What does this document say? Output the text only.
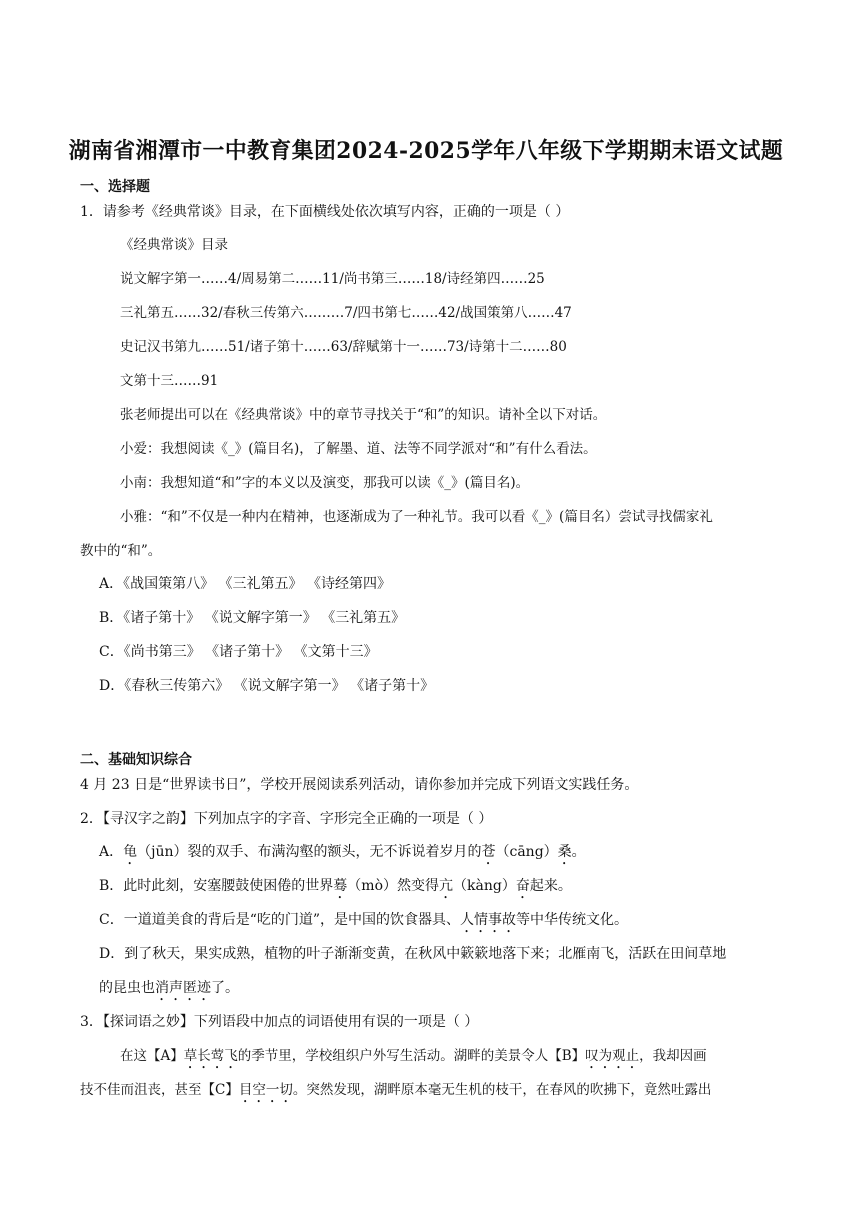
湖南省湘潭市一中教育集团2024-2025学年八年级下学期期末语文试题
一、选择题
1．请参考《经典常谈》目录，在下面横线处依次填写内容，正确的一项是（ ）
《经典常谈》目录
说文解字第一……4/周易第二……11/尚书第三……18/诗经第四……25
三礼第五……32/春秋三传第六………7/四书第七……42/战国策第八……47
史记汉书第九……51/诸子第十……63/辞赋第十一……73/诗第十二……80
文第十三……91
张老师提出可以在《经典常谈》中的章节寻找关于“和”的知识。请补全以下对话。
小爱：我想阅读《_》(篇目名)，了解墨、道、法等不同学派对“和”有什么看法。
小南：我想知道“和”字的本义以及演变，那我可以读《_》(篇目名)。
小雅：“和”不仅是一种内在精神，也逐渐成为了一种礼节。我可以看《_》(篇目名）尝试寻找儒家礼
教中的“和”。
A．《战国策第八》 《三礼第五》 《诗经第四》
B．《诸子第十》 《说文解字第一》 《三礼第五》
C．《尚书第三》 《诸子第十》 《文第十三》
D．《春秋三传第六》 《说文解字第一》 《诸子第十》
二、基础知识综合
4 月 23 日是“世界读书日”，学校开展阅读系列活动，请你参加并完成下列语文实践任务。
2．【寻汉字之韵】下列加点字的字音、字形完全正确的一项是（ ）
A．龟（jūn）裂的双手、布满沟壑的额头，无不诉说着岁月的苍（cāng）桑。
B．此时此刻，安塞腰鼓使困倦的世界蓦（mò）然变得亢（kàng）奋起来。
C．一道道美食的背后是“吃的门道”，是中国的饮食器具、人情事故等中华传统文化。
D．到了秋天，果实成熟，植物的叶子渐渐变黄，在秋风中簌簌地落下来；北雁南飞，活跃在田间草地
的昆虫也消声匿迹了。
3．【探词语之妙】下列语段中加点的词语使用有误的一项是（ ）
在这【A】草长莺飞的季节里，学校组织户外写生活动。湖畔的美景令人【B】叹为观止，我却因画
技不佳而沮丧，甚至【C】目空一切。突然发现，湖畔原本毫无生机的枝干，在春风的吹拂下，竟然吐露出
